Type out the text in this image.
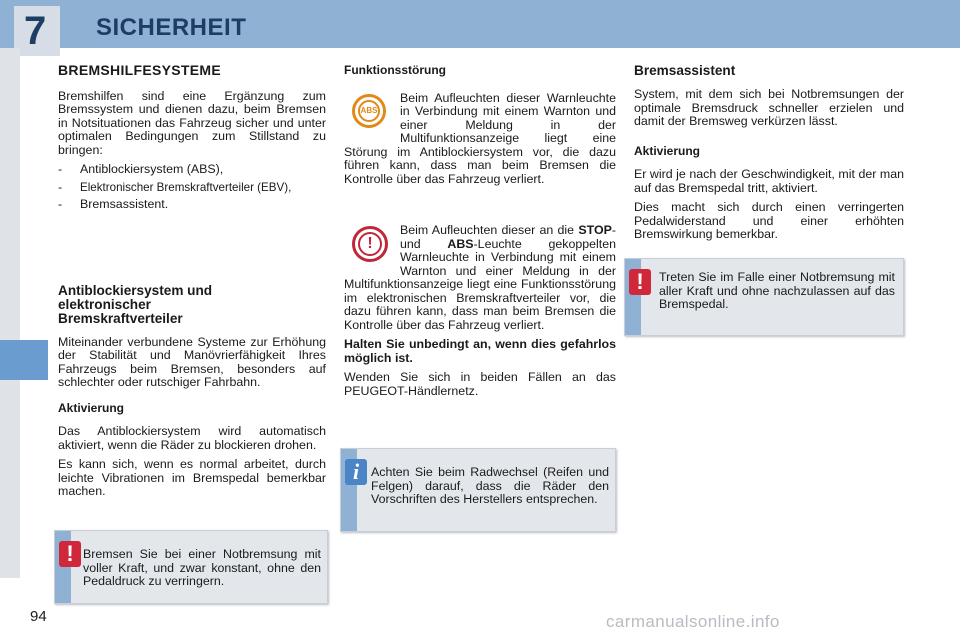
7 SICHERHEIT
BREMSHILFESYSTEME

Bremshilfen sind eine Ergänzung zum Bremssystem und dienen dazu, beim Bremsen in Notsituationen das Fahrzeug sicher und unter optimalen Bedingungen zum Stillstand zu bringen:

-	Antiblockiersystem (ABS),
-	Elektronischer Bremskraftverteiler (EBV),
-	Bremsassistent.
Antiblockiersystem und elektronischer Bremskraftverteiler

Miteinander verbundene Systeme zur Erhöhung der Stabilität und Manövrierfähigkeit Ihres Fahrzeugs beim Bremsen, besonders auf schlechter oder rutschiger Fahrbahn.

Aktivierung

Das Antiblockiersystem wird automatisch aktiviert, wenn die Räder zu blockieren drohen.

Es kann sich, wenn es normal arbeitet, durch leichte Vibrationen im Bremspedal bemerkbar machen.

Funktionsstörung
ABS

Beim Aufleuchten dieser Warnleuchte in Verbindung mit einem Warnton und einer Meldung in der Multifunktionsanzeige liegt eine Störung im Antiblockiersystem vor, die dazu führen kann, dass man beim Bremsen die Kontrolle über das Fahrzeug verliert.

!

Beim Aufleuchten dieser an die STOP- und ABS-Leuchte gekoppelten Warnleuchte in Verbindung mit einem Warnton und einer Meldung in der Multifunktionsanzeige liegt eine Funktionsstörung im elektronischen Bremskraftverteiler vor, die dazu führen kann, dass man beim Bremsen die Kontrolle über das Fahrzeug verliert.

Halten Sie unbedingt an, wenn dies gefahrlos möglich ist.

Wenden Sie sich in beiden Fällen an das PEUGEOT-Händlernetz.

Bremsassistent

System, mit dem sich bei Notbremsungen der optimale Bremsdruck schneller erzielen und damit der Bremsweg verkürzen lässt.

Aktivierung

Er wird je nach der Geschwindigkeit, mit der man auf das Bremspedal tritt, aktiviert.

Dies macht sich durch einen verringerten Pedalwiderstand und einer erhöhten Bremswirkung bemerkbar.

!	Treten Sie im Falle einer Notbremsung mit aller Kraft und ohne nachzulassen auf das Bremspedal.
i Achten Sie beim Radwechsel (Reifen und Felgen) darauf, dass die Räder den Vorschriften des Herstellers entsprechen.
! Bremsen Sie bei einer Notbremsung mit voller Kraft, und zwar konstant, ohne den Pedaldruck zu verringern.
94	carmanualsonline.info
